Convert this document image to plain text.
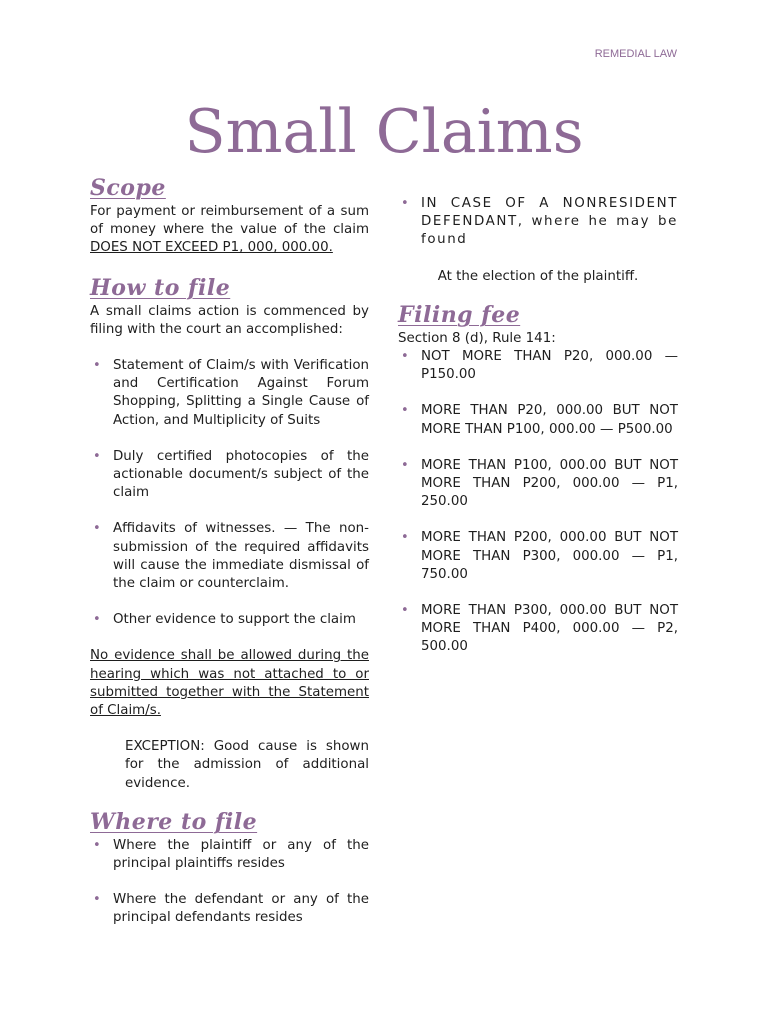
REMEDIAL LAW
Small Claims
Scope

For payment or reimbursement of a sum of money where the value of the claim DOES NOT EXCEED P1, 000, 000.00.

How to file

A small claims action is commenced by filing with the court an accomplished:

• Statement of Claim/s with Verification and Certification Against Forum Shopping, Splitting a Single Cause of Action, and Multiplicity of Suits
• Duly certified photocopies of the actionable document/s subject of the claim
• Affidavits of witnesses. — The non-submission of the required affidavits will cause the immediate dismissal of the claim or counterclaim.
• Other evidence to support the claim

No evidence shall be allowed during the hearing which was not attached to or submitted together with the Statement of Claim/s.

EXCEPTION: Good cause is shown for the admission of additional evidence.

Where to file
• Where the plaintiff or any of the principal plaintiffs resides
• Where the defendant or any of the principal defendants resides
• IN CASE OF A NONRESIDENT DEFENDANT, where he may be found

At the election of the plaintiff.

Filing fee

Section 8 (d), Rule 141:

• NOT MORE THAN P20, 000.00 — P150.00
• MORE THAN P20, 000.00 BUT NOT MORE THAN P100, 000.00 — P500.00
• MORE THAN P100, 000.00 BUT NOT MORE THAN P200, 000.00 — P1, 250.00
• MORE THAN P200, 000.00 BUT NOT MORE THAN P300, 000.00 — P1, 750.00
• MORE THAN P300, 000.00 BUT NOT MORE THAN P400, 000.00 — P2, 500.00
